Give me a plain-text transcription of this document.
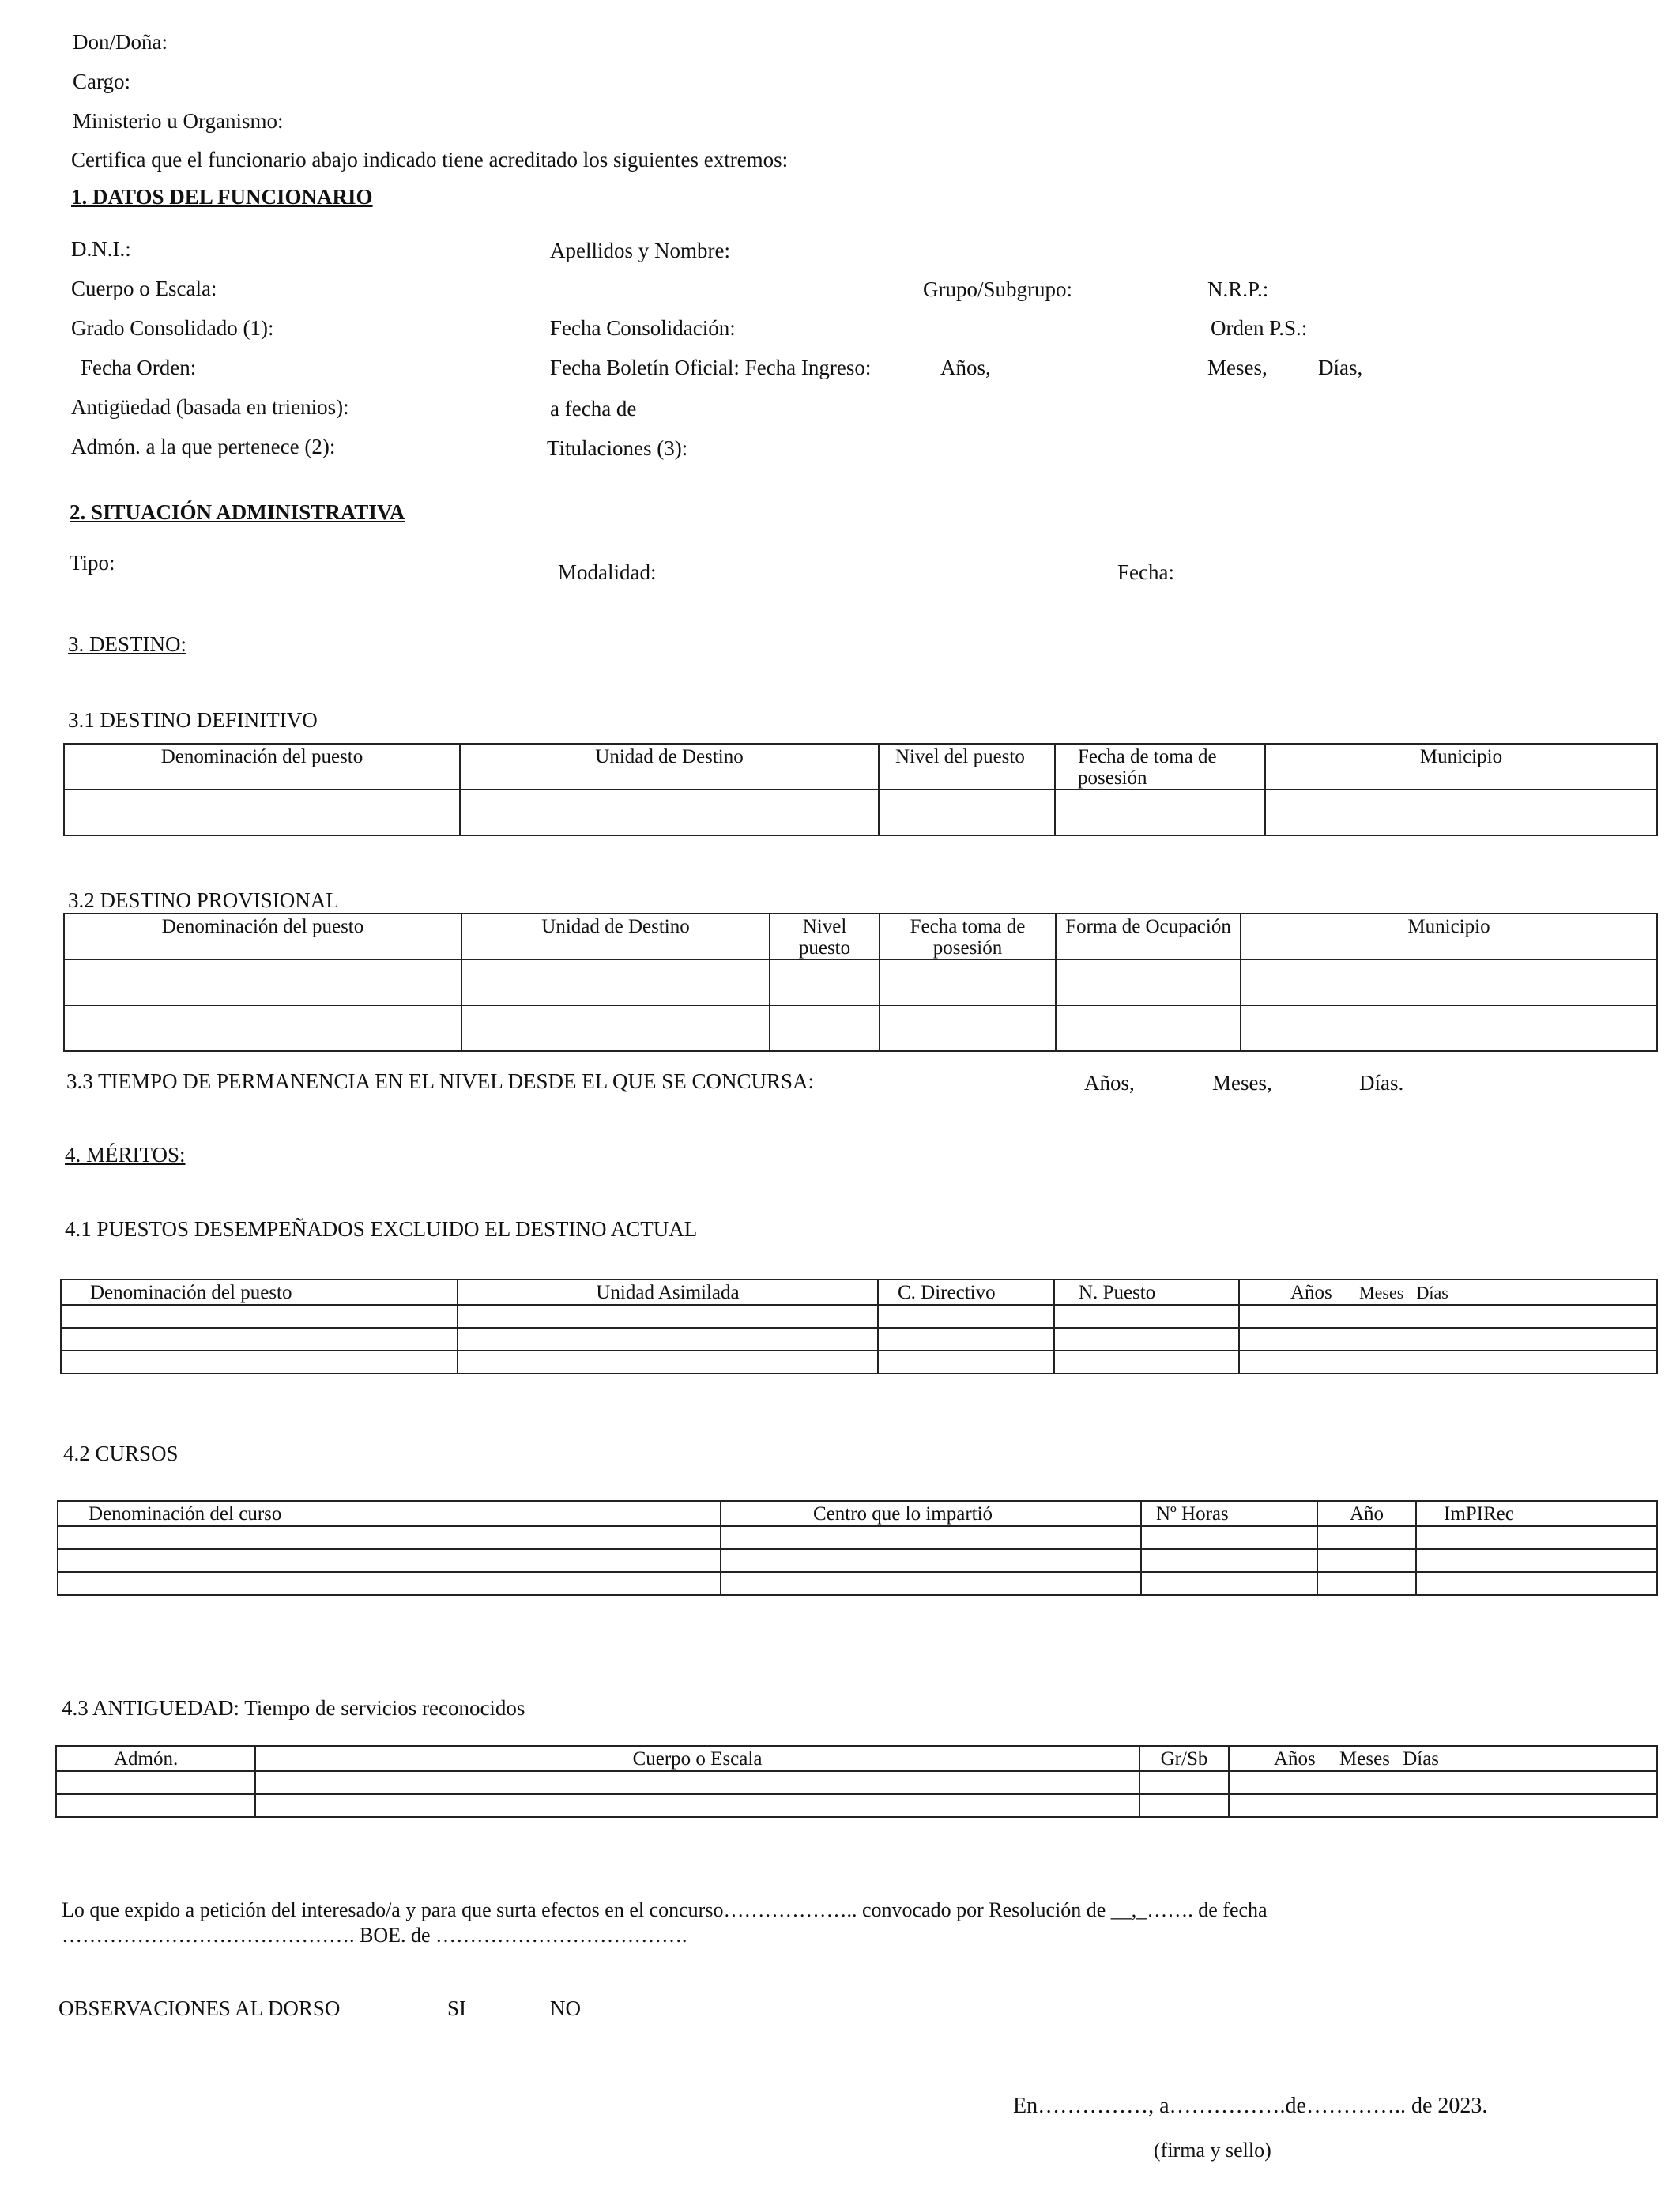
Don/Doña:
Cargo:
Ministerio u Organismo:
Certifica que el funcionario abajo indicado tiene acreditado los siguientes extremos:
1. DATOS DEL FUNCIONARIO
D.N.I.:	Apellidos y Nombre:
Cuerpo o Escala:	Grupo/Subgrupo:	N.R.P.:
Grado Consolidado (1):	Fecha Consolidación:	Orden P.S.:
Fecha Orden:	Fecha Boletín Oficial: Fecha Ingreso:	Años,	Meses, Días,
Antigüedad (basada en trienios):	a fecha de
Admón. a la que pertenece (2):	Titulaciones (3):
2. SITUACIÓN ADMINISTRATIVA
Tipo:	Modalidad:	Fecha:
3. DESTINO:
3.1 DESTINO DEFINITIVO
Denominación del puesto	Unidad de Destino	Nivel del puesto	Fecha de toma de posesión	Municipio

3.2 DESTINO PROVISIONAL
Denominación del puesto	Unidad de Destino	Nivel puesto	Fecha toma de posesión	Forma de Ocupación	Municipio

3.3 TIEMPO DE PERMANENCIA EN EL NIVEL DESDE EL QUE SE CONCURSA:	Años,	Meses,	Días.
4. MÉRITOS:
4.1 PUESTOS DESEMPEÑADOS EXCLUIDO EL DESTINO ACTUAL
Denominación del puesto	Unidad Asimilada	C. Directivo	N. Puesto	Años Meses Días

4.2 CURSOS
Denominación del curso	Centro que lo impartió	Nº Horas	Año	ImPIRec

4.3 ANTIGUEDAD: Tiempo de servicios reconocidos
Admón.	Cuerpo o Escala	Gr/Sb	Años Meses Días

Lo que expido a petición del interesado/a y para que surta efectos en el concurso……………….. convocado por Resolución de __,_……. de fecha
……………………………………. BOE. de ……………………………….
OBSERVACIONES AL DORSO	SI	NO
En……………, a…………….de………….. de 2023.
(firma y sello)
